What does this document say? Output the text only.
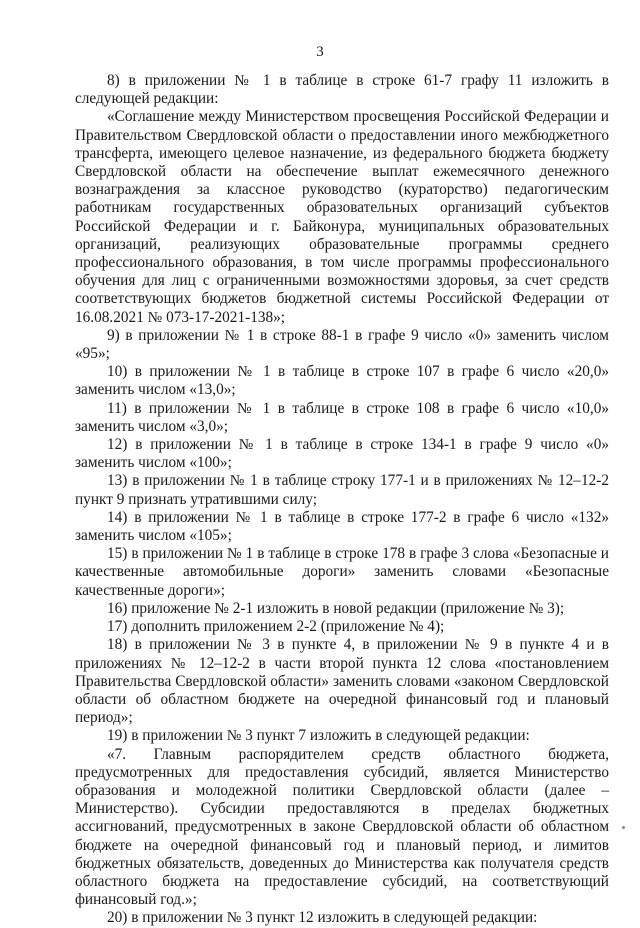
3

8) в приложении № 1 в таблице в строке 61-7 графу 11 изложить в следующей редакции:

«Соглашение между Министерством просвещения Российской Федерации и Правительством Свердловской области о предоставлении иного межбюджетного трансферта, имеющего целевое назначение, из федерального бюджета бюджету Свердловской области на обеспечение выплат ежемесячного денежного вознаграждения за классное руководство (кураторство) педагогическим работникам государственных образовательных организаций субъектов Российской Федерации и г. Байконура, муниципальных образовательных организаций, реализующих образовательные программы среднего профессионального образования, в том числе программы профессионального обучения для лиц с ограниченными возможностями здоровья, за счет средств соответствующих бюджетов бюджетной системы Российской Федерации от 16.08.2021 № 073-17-2021-138»;

9) в приложении № 1 в строке 88-1 в графе 9 число «0» заменить числом «95»;

10) в приложении № 1 в таблице в строке 107 в графе 6 число «20,0» заменить числом «13,0»;

11) в приложении № 1 в таблице в строке 108 в графе 6 число «10,0» заменить числом «3,0»;

12) в приложении № 1 в таблице в строке 134-1 в графе 9 число «0» заменить числом «100»;

13) в приложении № 1 в таблице строку 177-1 и в приложениях № 12–12-2 пункт 9 признать утратившими силу;

14) в приложении № 1 в таблице в строке 177-2 в графе 6 число «132» заменить числом «105»;

15) в приложении № 1 в таблице в строке 178 в графе 3 слова «Безопасные и качественные автомобильные дороги» заменить словами «Безопасные качественные дороги»;

16) приложение № 2-1 изложить в новой редакции (приложение № 3);

17) дополнить приложением 2-2 (приложение № 4);

18) в приложении № 3 в пункте 4, в приложении № 9 в пункте 4 и в приложениях № 12–12-2 в части второй пункта 12 слова «постановлением Правительства Свердловской области» заменить словами «законом Свердловской области об областном бюджете на очередной финансовый год и плановый период»;

19) в приложении № 3 пункт 7 изложить в следующей редакции:

«7. Главным распорядителем средств областного бюджета, предусмотренных для предоставления субсидий, является Министерство образования и молодежной политики Свердловской области (далее – Министерство). Субсидии предоставляются в пределах бюджетных ассигнований, предусмотренных в законе Свердловской области об областном бюджете на очередной финансовый год и плановый период, и лимитов бюджетных обязательств, доведенных до Министерства как получателя средств областного бюджета на предоставление субсидий, на соответствующий финансовый год.»;

20) в приложении № 3 пункт 12 изложить в следующей редакции:
